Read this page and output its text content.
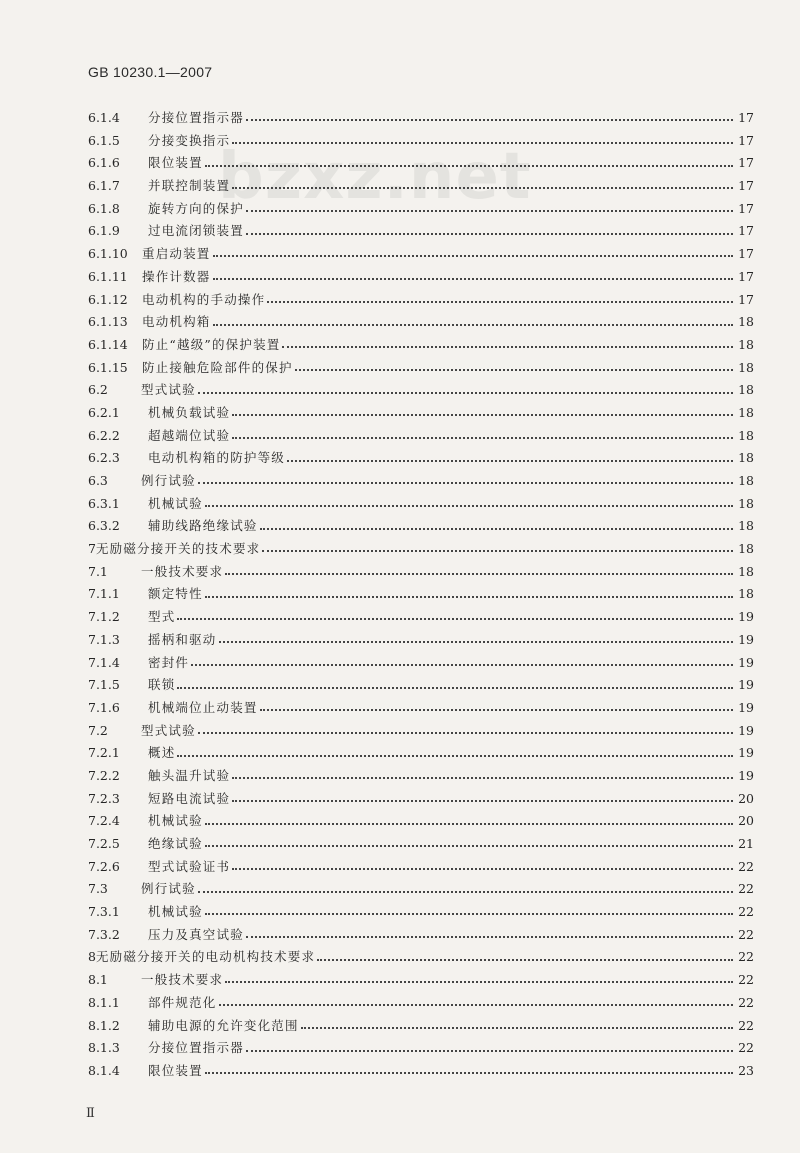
GB 10230.1—2007
bzxz.net
6.1.4	分接位置指示器	17
6.1.5	分接变换指示	17
6.1.6	限位装置	17
6.1.7	并联控制装置	17
6.1.8	旋转方向的保护	17
6.1.9	过电流闭锁装置	17
6.1.10	重启动装置	17
6.1.11	操作计数器	17
6.1.12	电动机构的手动操作	17
6.1.13	电动机构箱	18
6.1.14	防止“越级”的保护装置	18
6.1.15	防止接触危险部件的保护	18
6.2	型式试验	18
6.2.1	机械负载试验	18
6.2.2	超越端位试验	18
6.2.3	电动机构箱的防护等级	18
6.3	例行试验	18
6.3.1	机械试验	18
6.3.2	辅助线路绝缘试验	18
7 无励磁分接开关的技术要求	18
7.1	一般技术要求	18
7.1.1	额定特性	18
7.1.2	型式	19
7.1.3	摇柄和驱动	19
7.1.4	密封件	19
7.1.5	联锁	19
7.1.6	机械端位止动装置	19
7.2	型式试验	19
7.2.1	概述	19
7.2.2	触头温升试验	19
7.2.3	短路电流试验	20
7.2.4	机械试验	20
7.2.5	绝缘试验	21
7.2.6	型式试验证书	22
7.3	例行试验	22
7.3.1	机械试验	22
7.3.2	压力及真空试验	22
8 无励磁分接开关的电动机构技术要求	22
8.1	一般技术要求	22
8.1.1	部件规范化	22
8.1.2	辅助电源的允许变化范围	22
8.1.3	分接位置指示器	22
8.1.4	限位装置	23
Ⅱ
